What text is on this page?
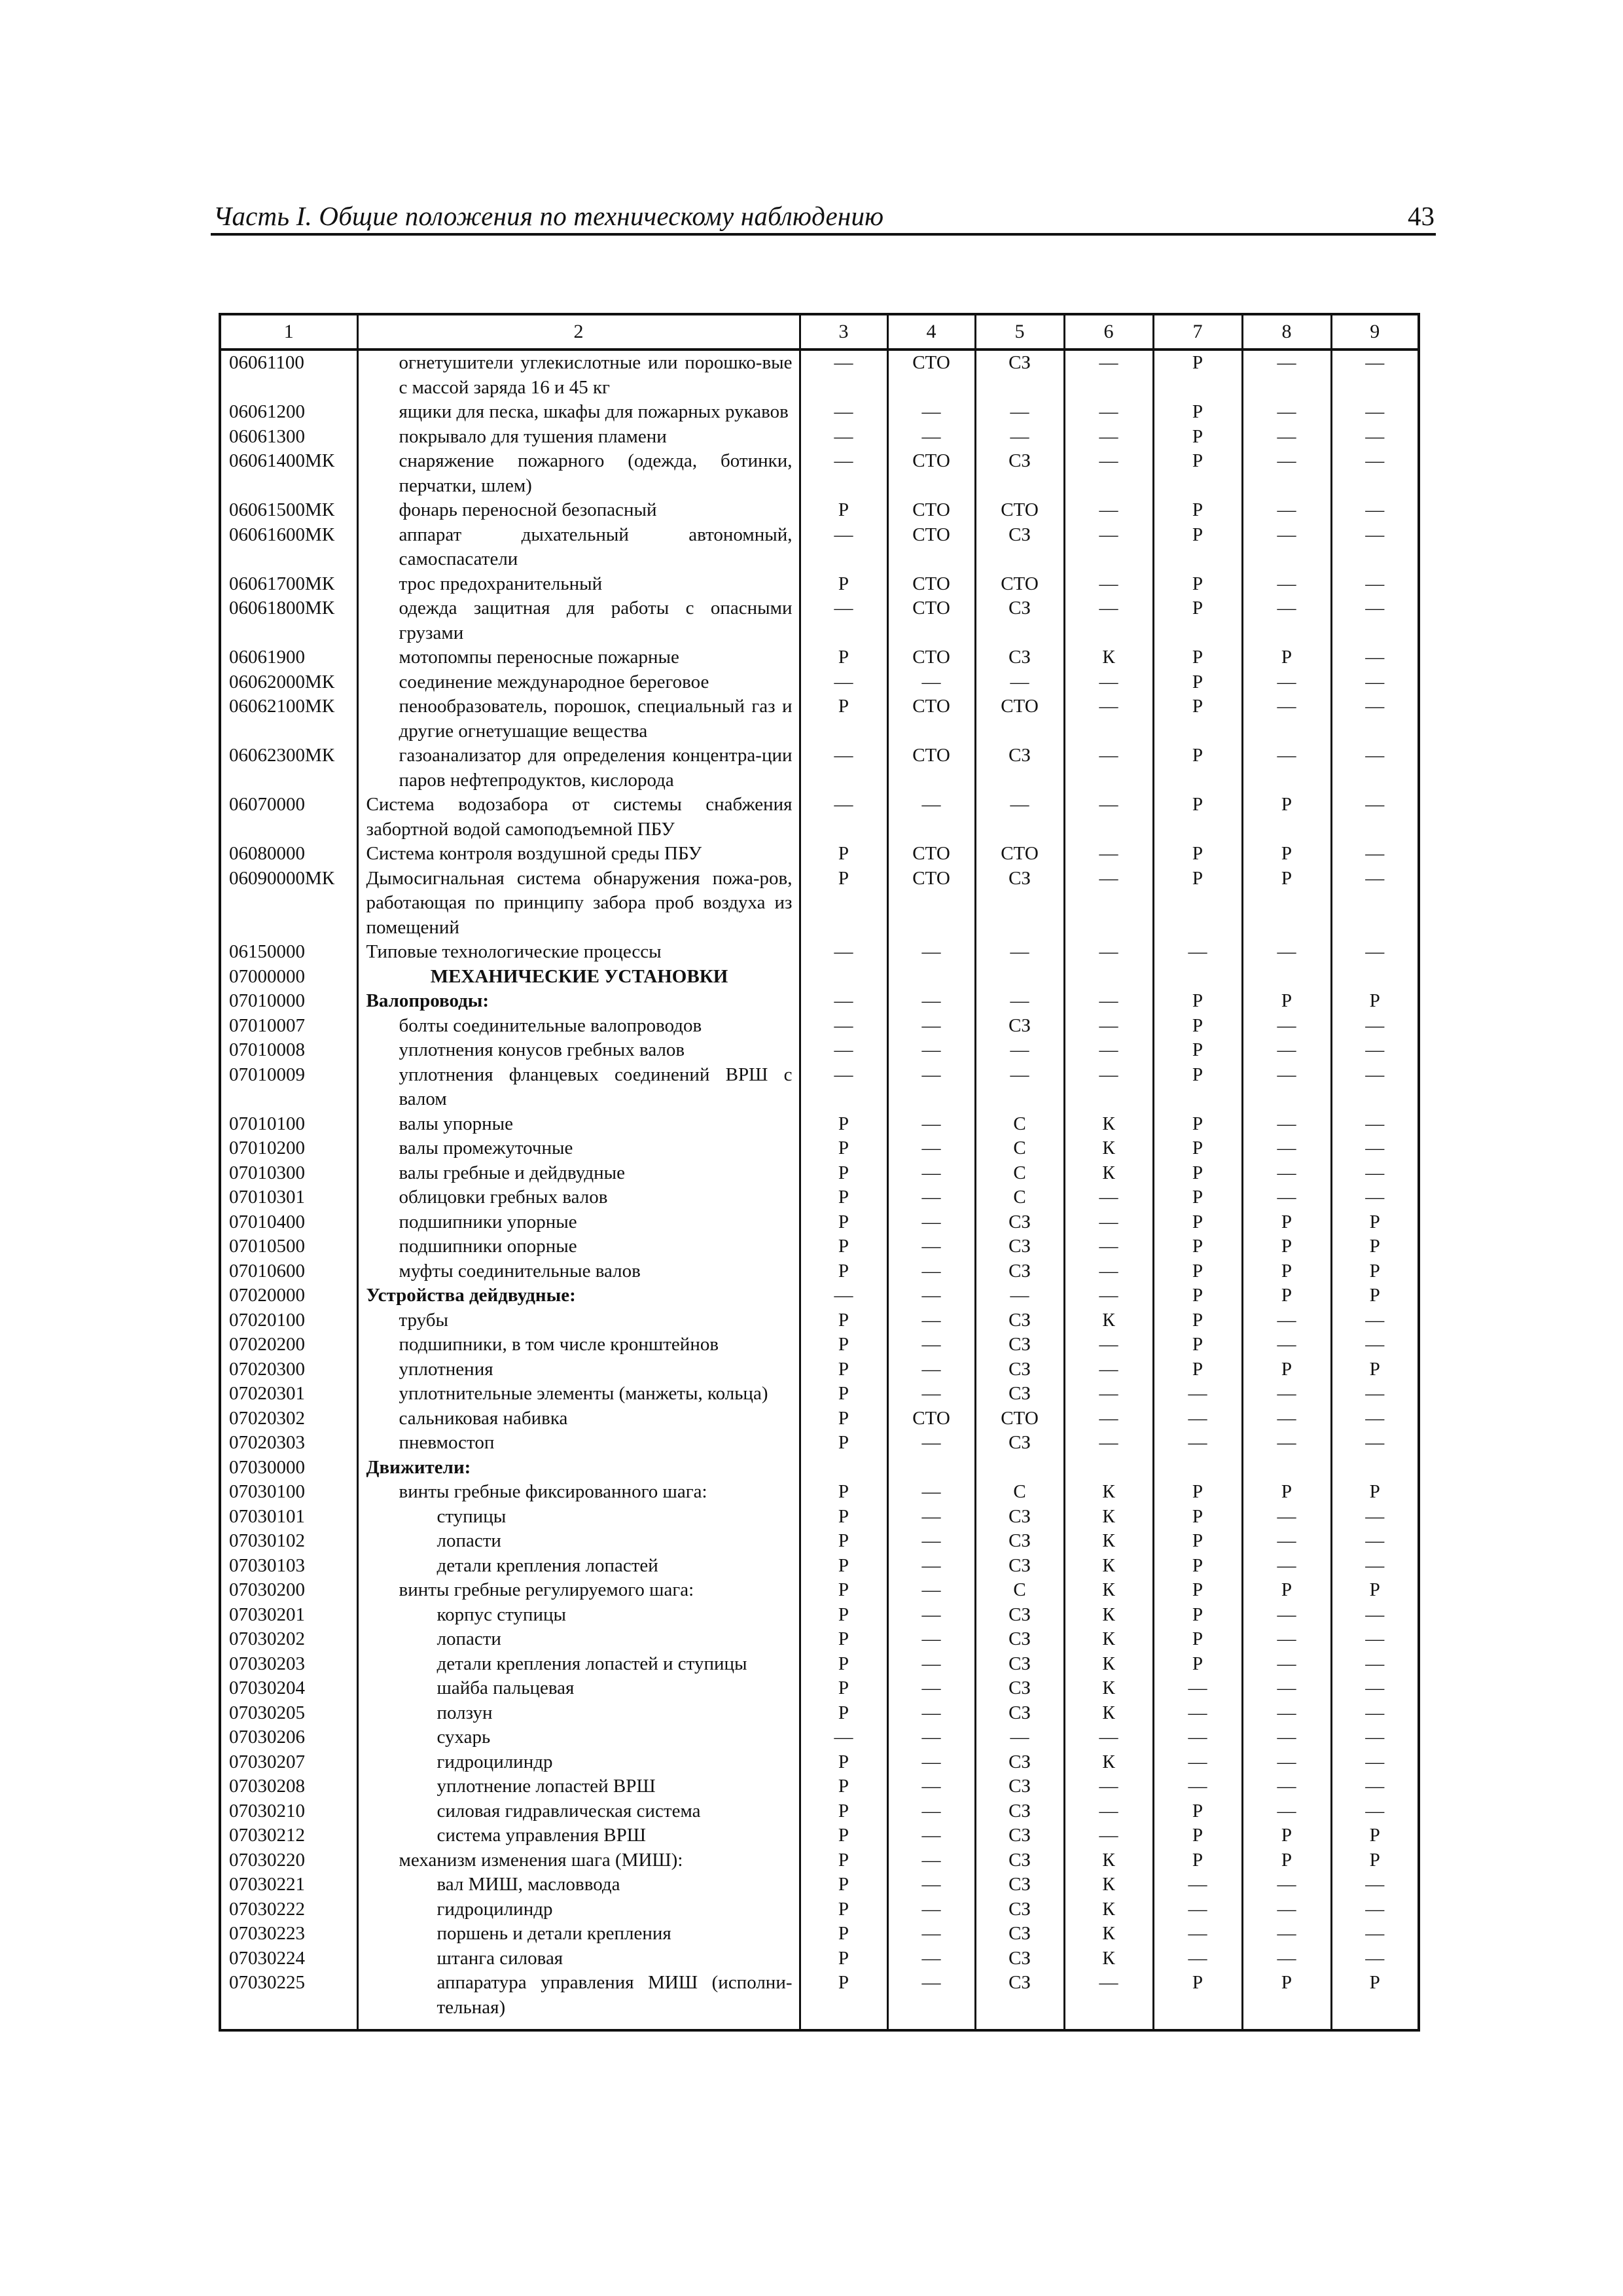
Часть I. Общие положения по техническому наблюдению	43
1	2	3	4	5	6	7	8	9
06061100	огнетушители углекислотные или порошко-вые с массой заряда 16 и 45 кг	—	СТО	СЗ	—	Р	—	—
06061200	ящики для песка, шкафы для пожарных рукавов	—	—	—	—	Р	—	—
06061300	покрывало для тушения пламени	—	—	—	—	Р	—	—
06061400МК	снаряжение пожарного (одежда, ботинки, перчатки, шлем)	—	СТО	СЗ	—	Р	—	—
06061500МК	фонарь переносной безопасный	Р	СТО	СТО	—	Р	—	—
06061600МК	аппарат дыхательный автономный, самоспасатели	—	СТО	СЗ	—	Р	—	—
06061700МК	трос предохранительный	Р	СТО	СТО	—	Р	—	—
06061800МК	одежда защитная для работы с опасными грузами	—	СТО	СЗ	—	Р	—	—
06061900	мотопомпы переносные пожарные	Р	СТО	СЗ	К	Р	Р	—
06062000МК	соединение международное береговое	—	—	—	—	Р	—	—
06062100МК	пенообразователь, порошок, специальный газ и другие огнетушащие вещества	Р	СТО	СТО	—	Р	—	—
06062300МК	газоанализатор для определения концентра-ции паров нефтепродуктов, кислорода	—	СТО	СЗ	—	Р	—	—
06070000	Система водозабора от системы снабжения забортной водой самоподъемной ПБУ	—	—	—	—	Р	Р	—
06080000	Система контроля воздушной среды ПБУ	Р	СТО	СТО	—	Р	Р	—
06090000МК	Дымосигнальная система обнаружения пожа-ров, работающая по принципу забора проб воздуха из помещений	Р	СТО	СЗ	—	Р	Р	—
06150000	Типовые технологические процессы	—	—	—	—	—	—	—
07000000	МЕХАНИЧЕСКИЕ УСТАНОВКИ							
07010000	Валопроводы:	—	—	—	—	Р	Р	Р
07010007	болты соединительные валопроводов	—	—	СЗ	—	Р	—	—
07010008	уплотнения конусов гребных валов	—	—	—	—	Р	—	—
07010009	уплотнения фланцевых соединений ВРШ с валом	—	—	—	—	Р	—	—
07010100	валы упорные	Р	—	С	К	Р	—	—
07010200	валы промежуточные	Р	—	С	К	Р	—	—
07010300	валы гребные и дейдвудные	Р	—	С	К	Р	—	—
07010301	облицовки гребных валов	Р	—	С	—	Р	—	—
07010400	подшипники упорные	Р	—	СЗ	—	Р	Р	Р
07010500	подшипники опорные	Р	—	СЗ	—	Р	Р	Р
07010600	муфты соединительные валов	Р	—	СЗ	—	Р	Р	Р
07020000	Устройства дейдвудные:	—	—	—	—	Р	Р	Р
07020100	трубы	Р	—	СЗ	К	Р	—	—
07020200	подшипники, в том числе кронштейнов	Р	—	СЗ	—	Р	—	—
07020300	уплотнения	Р	—	СЗ	—	Р	Р	Р
07020301	уплотнительные элементы (манжеты, кольца)	Р	—	СЗ	—	—	—	—
07020302	сальниковая набивка	Р	СТО	СТО	—	—	—	—
07020303	пневмостоп	Р	—	СЗ	—	—	—	—
07030000	Движители:							
07030100	винты гребные фиксированного шага:	Р	—	С	К	Р	Р	Р
07030101	ступицы	Р	—	СЗ	К	Р	—	—
07030102	лопасти	Р	—	СЗ	К	Р	—	—
07030103	детали крепления лопастей	Р	—	СЗ	К	Р	—	—
07030200	винты гребные регулируемого шага:	Р	—	С	К	Р	Р	Р
07030201	корпус ступицы	Р	—	СЗ	К	Р	—	—
07030202	лопасти	Р	—	СЗ	К	Р	—	—
07030203	детали крепления лопастей и ступицы	Р	—	СЗ	К	Р	—	—
07030204	шайба пальцевая	Р	—	СЗ	К	—	—	—
07030205	ползун	Р	—	СЗ	К	—	—	—
07030206	сухарь	—	—	—	—	—	—	—
07030207	гидроцилиндр	Р	—	СЗ	К	—	—	—
07030208	уплотнение лопастей ВРШ	Р	—	СЗ	—	—	—	—
07030210	силовая гидравлическая система	Р	—	СЗ	—	Р	—	—
07030212	система управления ВРШ	Р	—	СЗ	—	Р	Р	Р
07030220	механизм изменения шага (МИШ):	Р	—	СЗ	К	Р	Р	Р
07030221	вал МИШ, масловвода	Р	—	СЗ	К	—	—	—
07030222	гидроцилиндр	Р	—	СЗ	К	—	—	—
07030223	поршень и детали крепления	Р	—	СЗ	К	—	—	—
07030224	штанга силовая	Р	—	СЗ	К	—	—	—
07030225	аппаратура управления МИШ (исполни-тельная)	Р	—	СЗ	—	Р	Р	Р
